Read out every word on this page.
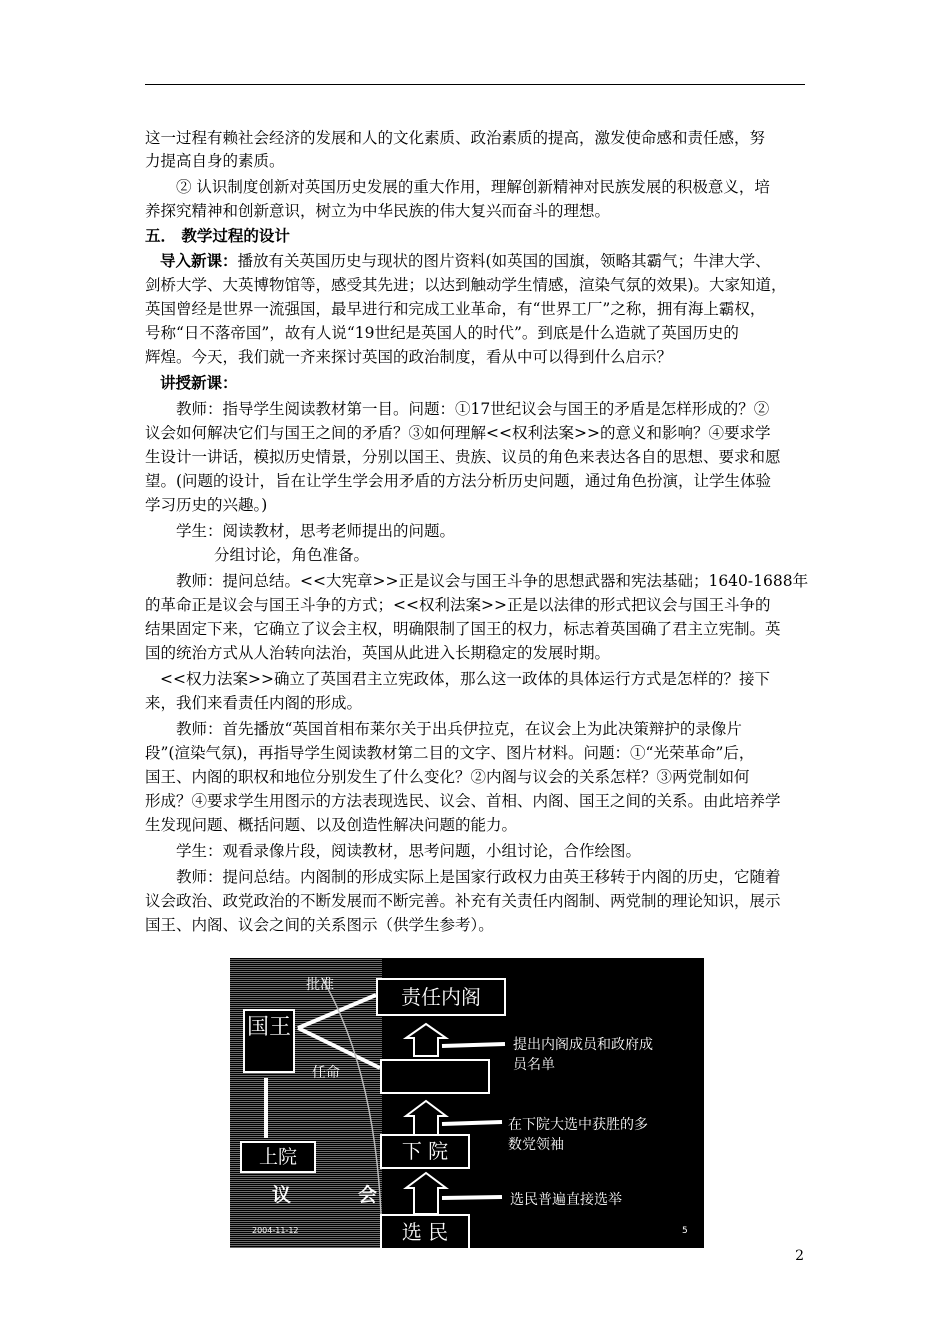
这一过程有赖社会经济的发展和人的文化素质、政治素质的提高，激发使命感和责任感，努
力提高自身的素质。
② 认识制度创新对英国历史发展的重大作用，理解创新精神对民族发展的积极意义，培
养探究精神和创新意识，树立为中华民族的伟大复兴而奋斗的理想。
五． 教学过程的设计
导入新课：播放有关英国历史与现状的图片资料(如英国的国旗，领略其霸气；牛津大学、
剑桥大学、大英博物馆等，感受其先进；以达到触动学生情感，渲染气氛的效果)。大家知道，
英国曾经是世界一流强国，最早进行和完成工业革命，有“世界工厂”之称，拥有海上霸权，
号称“日不落帝国”，故有人说“19世纪是英国人的时代”。到底是什么造就了英国历史的
辉煌。今天，我们就一齐来探讨英国的政治制度，看从中可以得到什么启示？
讲授新课：
教师：指导学生阅读教材第一目。问题：①17世纪议会与国王的矛盾是怎样形成的？②
议会如何解决它们与国王之间的矛盾？③如何理解<<权利法案>>的意义和影响？④要求学
生设计一讲话，模拟历史情景，分别以国王、贵族、议员的角色来表达各自的思想、要求和愿
望。(问题的设计，旨在让学生学会用矛盾的方法分析历史问题，通过角色扮演，让学生体验
学习历史的兴趣。)
学生：阅读教材，思考老师提出的问题。
分组讨论，角色准备。
教师：提问总结。<<大宪章>>正是议会与国王斗争的思想武器和宪法基础；1640-1688年
的革命正是议会与国王斗争的方式；<<权利法案>>正是以法律的形式把议会与国王斗争的
结果固定下来，它确立了议会主权，明确限制了国王的权力，标志着英国确了君主立宪制。英
国的统治方式从人治转向法治，英国从此进入长期稳定的发展时期。
<<权力法案>>确立了英国君主立宪政体，那么这一政体的具体运行方式是怎样的？接下
来，我们来看责任内阁的形成。
教师：首先播放“英国首相布莱尔关于出兵伊拉克，在议会上为此决策辩护的录像片
段”(渲染气氛)，再指导学生阅读教材第二目的文字、图片材料。问题：①“光荣革命”后，
国王、内阁的职权和地位分别发生了什么变化？②内阁与议会的关系怎样？③两党制如何
形成？④要求学生用图示的方法表现选民、议会、首相、内阁、国王之间的关系。由此培养学
生发现问题、概括问题、以及创造性解决问题的能力。
学生：观看录像片段，阅读教材，思考问题，小组讨论，合作绘图。
教师：提问总结。内阁制的形成实际上是国家行政权力由英王移转于内阁的历史，它随着
议会政治、政党政治的不断发展而不断完善。补充有关责任内阁制、两党制的理论知识，展示
国王、内阁、议会之间的关系图示（供学生参考）。
批准
任命
国王
责任内阁
下 院
选 民
上院
议	会
提出内阁成员和政府成
员名单
在下院大选中获胜的多
数党领袖
选民普遍直接选举
2004-11-12	5
2
